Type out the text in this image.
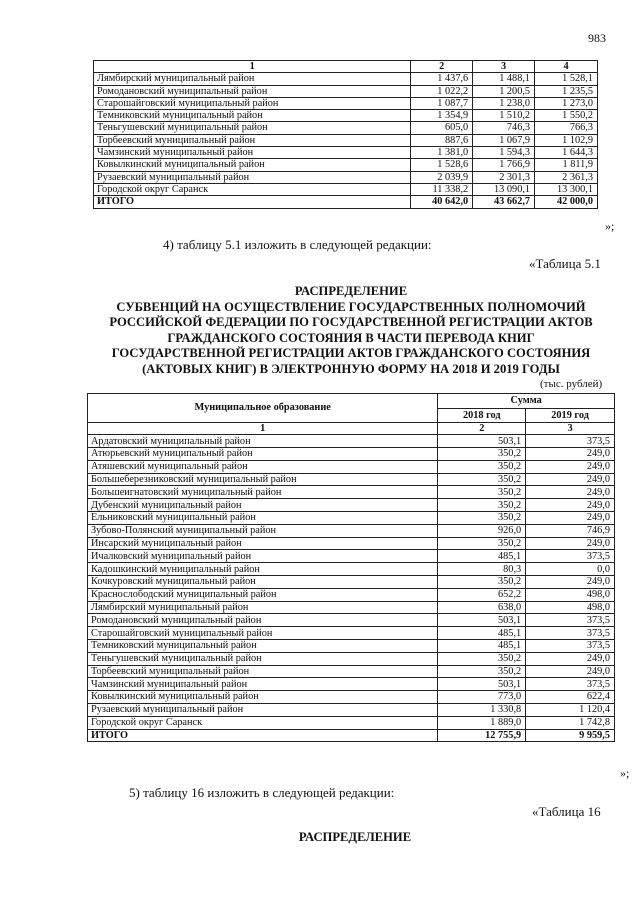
983
1	2	3	4
Лямбирский муниципальный район	1 437,6	1 488,1	1 528,1
Ромодановский муниципальный район	1 022,2	1 200,5	1 235,5
Старошайговский муниципальный район	1 087,7	1 238,0	1 273,0
Темниковский муниципальный район	1 354,9	1 510,2	1 550,2
Теньгушевский муниципальный район	605,0	746,3	766,3
Торбеевский муниципальный район	887,6	1 067,9	1 102,9
Чамзинский муниципальный район	1 381,0	1 594,3	1 644,3
Ковылкинский муниципальный район	1 528,6	1 766,9	1 811,9
Рузаевский муниципальный район	2 039,9	2 301,3	2 361,3
Городской округ Саранск	11 338,2	13 090,1	13 300,1
ИТОГО	40 642,0	43 662,7	42 000,0
»;
4) таблицу 5.1 изложить в следующей редакции:
«Таблица 5.1
РАСПРЕДЕЛЕНИЕ
СУБВЕНЦИЙ НА ОСУЩЕСТВЛЕНИЕ ГОСУДАРСТВЕННЫХ ПОЛНОМОЧИЙ
РОССИЙСКОЙ ФЕДЕРАЦИИ ПО ГОСУДАРСТВЕННОЙ РЕГИСТРАЦИИ АКТОВ
ГРАЖДАНСКОГО СОСТОЯНИЯ В ЧАСТИ ПЕРЕВОДА КНИГ
ГОСУДАРСТВЕННОЙ РЕГИСТРАЦИИ АКТОВ ГРАЖДАНСКОГО СОСТОЯНИЯ
(АКТОВЫХ КНИГ) В ЭЛЕКТРОННУЮ ФОРМУ НА 2018 И 2019 ГОДЫ
(тыс. рублей)
Муниципальное образование	Сумма	
	2018 год	2019 год
1	2	3
Ардатовский муниципальный район	503,1	373,5
Атюрьевский муниципальный район	350,2	249,0
Атяшевский муниципальный район	350,2	249,0
Большеберезниковский муниципальный район	350,2	249,0
Большеигнатовский муниципальный район	350,2	249,0
Дубенский муниципальный район	350,2	249,0
Ельниковский муниципальный район	350,2	249,0
Зубово-Полянский муниципальный район	926,0	746,9
Инсарский муниципальный район	350,2	249,0
Ичалковский муниципальный район	485,1	373,5
Кадошкинский муниципальный район	80,3	0,0
Кочкуровский муниципальный район	350,2	249,0
Краснослободский муниципальный район	652,2	498,0
Лямбирский муниципальный район	638,0	498,0
Ромодановский муниципальный район	503,1	373,5
Старошайговский муниципальный район	485,1	373,5
Темниковский муниципальный район	485,1	373,5
Теньгушевский муниципальный район	350,2	249,0
Торбеевский муниципальный район	350,2	249,0
Чамзинский муниципальный район	503,1	373,5
Ковылкинский муниципальный район	773,0	622,4
Рузаевский муниципальный район	1 330,8	1 120,4
Городской округ Саранск	1 889,0	1 742,8
ИТОГО	12 755,9	9 959,5
»;
5) таблицу 16 изложить в следующей редакции:
«Таблица 16
РАСПРЕДЕЛЕНИЕ
